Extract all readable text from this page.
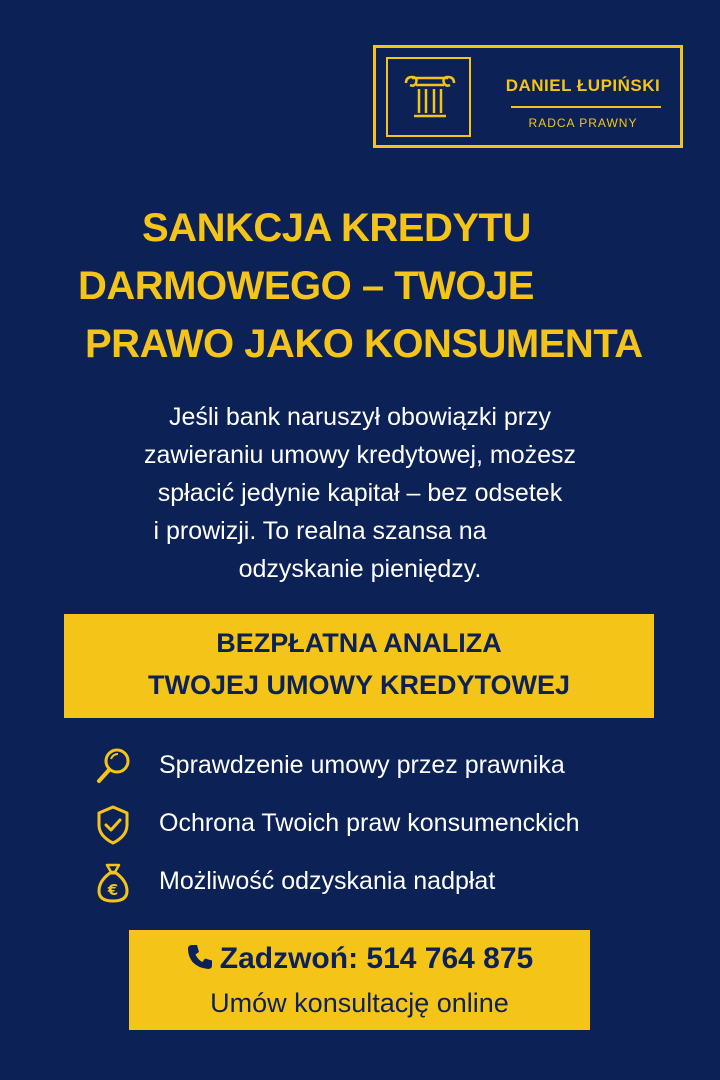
DANIEL ŁUPIŃSKI
RADCA PRAWNY
SANKCJA KREDYTU
DARMOWEGO – TWOJE
PRAWO JAKO KONSUMENTA
Jeśli bank naruszył obowiązki przy
zawieraniu umowy kredytowej, możesz
spłacić jedynie kapitał – bez odsetek
i prowizji. To realna szansa na
odzyskanie pieniędzy.
BEZPŁATNA ANALIZA
TWOJEJ UMOWY KREDYTOWEJ
Sprawdzenie umowy przez prawnika
Ochrona Twoich praw konsumenckich
€ Możliwość odzyskania nadpłat
Zadzwoń: 514 764 875
Umów konsultację online
